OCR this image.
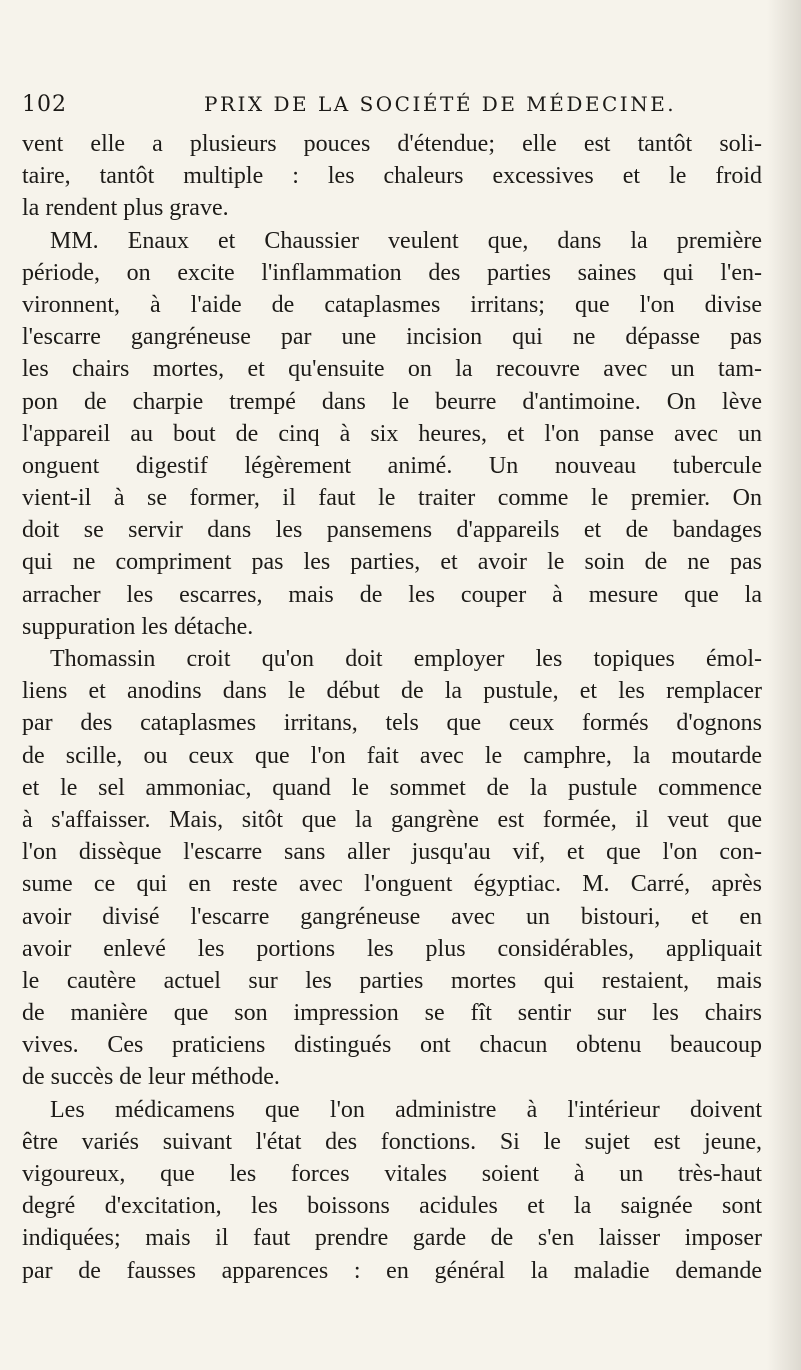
102	PRIX DE LA SOCIÉTÉ DE MÉDECINE.
vent elle a plusieurs pouces d'étendue; elle est tantôt soli-
taire, tantôt multiple : les chaleurs excessives et le froid
la rendent plus grave.
MM. Enaux et Chaussier veulent que, dans la première
période, on excite l'inflammation des parties saines qui l'en-
vironnent, à l'aide de cataplasmes irritans; que l'on divise
l'escarre gangréneuse par une incision qui ne dépasse pas
les chairs mortes, et qu'ensuite on la recouvre avec un tam-
pon de charpie trempé dans le beurre d'antimoine. On lève
l'appareil au bout de cinq à six heures, et l'on panse avec un
onguent digestif légèrement animé. Un nouveau tubercule
vient-il à se former, il faut le traiter comme le premier. On
doit se servir dans les pansemens d'appareils et de bandages
qui ne compriment pas les parties, et avoir le soin de ne pas
arracher les escarres, mais de les couper à mesure que la
suppuration les détache.
Thomassin croit qu'on doit employer les topiques émol-
liens et anodins dans le début de la pustule, et les remplacer
par des cataplasmes irritans, tels que ceux formés d'ognons
de scille, ou ceux que l'on fait avec le camphre, la moutarde
et le sel ammoniac, quand le sommet de la pustule commence
à s'affaisser. Mais, sitôt que la gangrène est formée, il veut que
l'on dissèque l'escarre sans aller jusqu'au vif, et que l'on con-
sume ce qui en reste avec l'onguent égyptiac. M. Carré, après
avoir divisé l'escarre gangréneuse avec un bistouri, et en
avoir enlevé les portions les plus considérables, appliquait
le cautère actuel sur les parties mortes qui restaient, mais
de manière que son impression se fît sentir sur les chairs
vives. Ces praticiens distingués ont chacun obtenu beaucoup
de succès de leur méthode.
Les médicamens que l'on administre à l'intérieur doivent
être variés suivant l'état des fonctions. Si le sujet est jeune,
vigoureux, que les forces vitales soient à un très-haut
degré d'excitation, les boissons acidules et la saignée sont
indiquées; mais il faut prendre garde de s'en laisser imposer
par de fausses apparences : en général la maladie demande
